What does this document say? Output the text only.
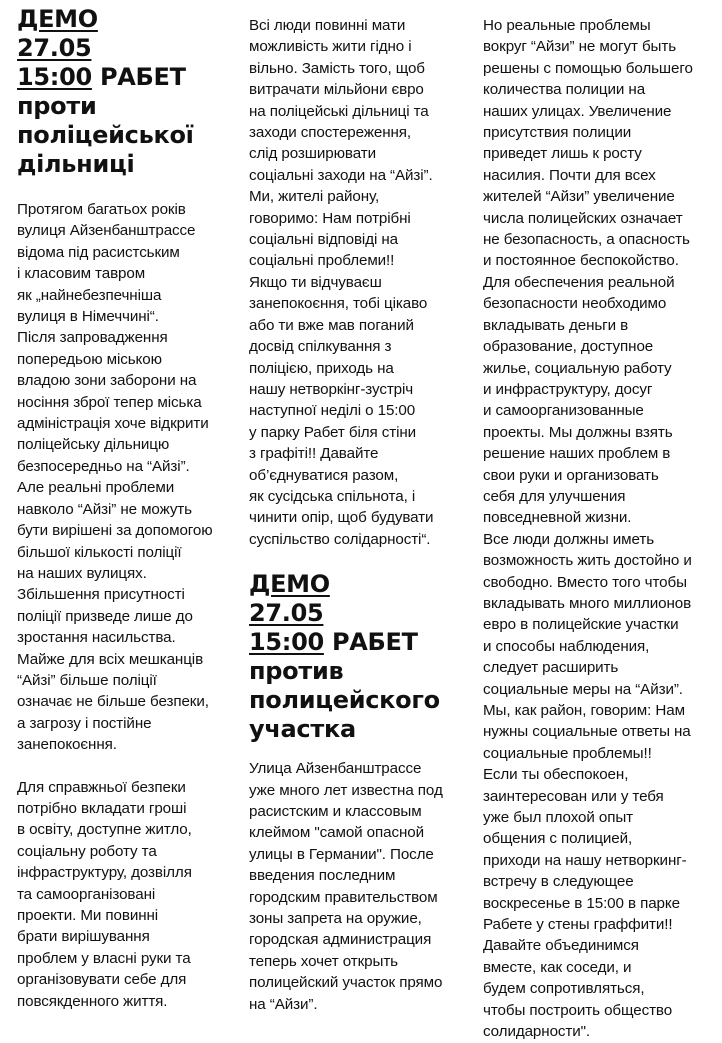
ДЕМО
27.05
15:00 РАБЕТ
проти
поліцейської
дільниці

Протягом багатьох років
вулиця Айзенбанштрассе
відома під расистським
і класовим тавром
як „найнебезпечніша
вулиця в Німеччині“.
Після запровадження
попередьою міською
владою зони заборони на
носіння зброї тепер міська
адміністрація хоче відкрити
поліцейську дільницю
безпосередньо на “Айзі”.
Але реальні проблеми
навколо “Айзі” не можуть
бути вирішені за допомогою
більшої кількості поліції
на наших вулицях.
Збільшення присутності
поліції призведе лише до
зростання насильства.
Майже для всіх мешканців
“Айзі” більше поліції
означає не більше безпеки,
а загрозу і постійне
занепокоєння.

Для справжньої безпеки
потрібно вкладати гроші
в освіту, доступне житло,
соціальну роботу та
інфраструктуру, дозвілля
та самоорганізовані
проекти. Ми повинні
брати вирішування
проблем у власні руки та
організовувати себе для
повсякденного життя.

Всі люди повинні мати
можливість жити гідно і
вільно. Замість того, щоб
витрачати мільйони євро
на поліцейські дільниці та
заходи спостереження,
слід розширювати
соціальні заходи на “Айзі”.
Ми, жителі району,
говоримо: Нам потрібні
соціальні відповіді на
соціальні проблеми!!
Якщо ти відчуваєш
занепокоєння, тобі цікаво
або ти вже мав поганий
досвід спілкування з
поліцією, приходь на
нашу нетворкінг-зустріч
наступної неділі о 15:00
у парку Рабет біля стіни
з графіті!! Давайте
об’єднуватися разом,
як сусідська спільнота, і
чинити опір, щоб будувати
суспільство солідарності“.

ДЕМО
27.05
15:00 РАБЕТ
против
полицейского
участка

Улица Айзенбанштрассе
уже много лет известна под
расистским и классовым
клеймом "самой опасной
улицы в Германии". После
введения последним
городским правительством
зоны запрета на оружие,
городская администрация
теперь хочет открыть
полицейский участок прямо
на “Айзи”.

Но реальные проблемы
вокруг “Айзи” не могут быть
решены с помощью большего
количества полиции на
наших улицах. Увеличение
присутствия полиции
приведет лишь к росту
насилия. Почти для всех
жителей “Айзи” увеличение
числа полицейских означает
не безопасность, а опасность
и постоянное беспокойство.
Для обеспечения реальной
безопасности необходимо
вкладывать деньги в
образование, доступное
жилье, социальную работу
и инфраструктуру, досуг
и самоорганизованные
проекты. Мы должны взять
решение наших проблем в
свои руки и организовать
себя для улучшения
повседневной жизни.
Все люди должны иметь
возможность жить достойно и
свободно. Вместо того чтобы
вкладывать много миллионов
евро в полицейские участки
и способы наблюдения,
следует расширить
социальные меры на “Айзи”.
Мы, как район, говорим: Нам
нужны социальные ответы на
социальные проблемы!!
Если ты обеспокоен,
заинтересован или у тебя
уже был плохой опыт
общения с полицией,
приходи на нашу нетворкинг-
встречу в следующее
воскресенье в 15:00 в парке
Рабете у стены граффити!!
Давайте объединимся
вместе, как соседи, и
будем сопротивляться,
чтобы построить общество
солидарности".
